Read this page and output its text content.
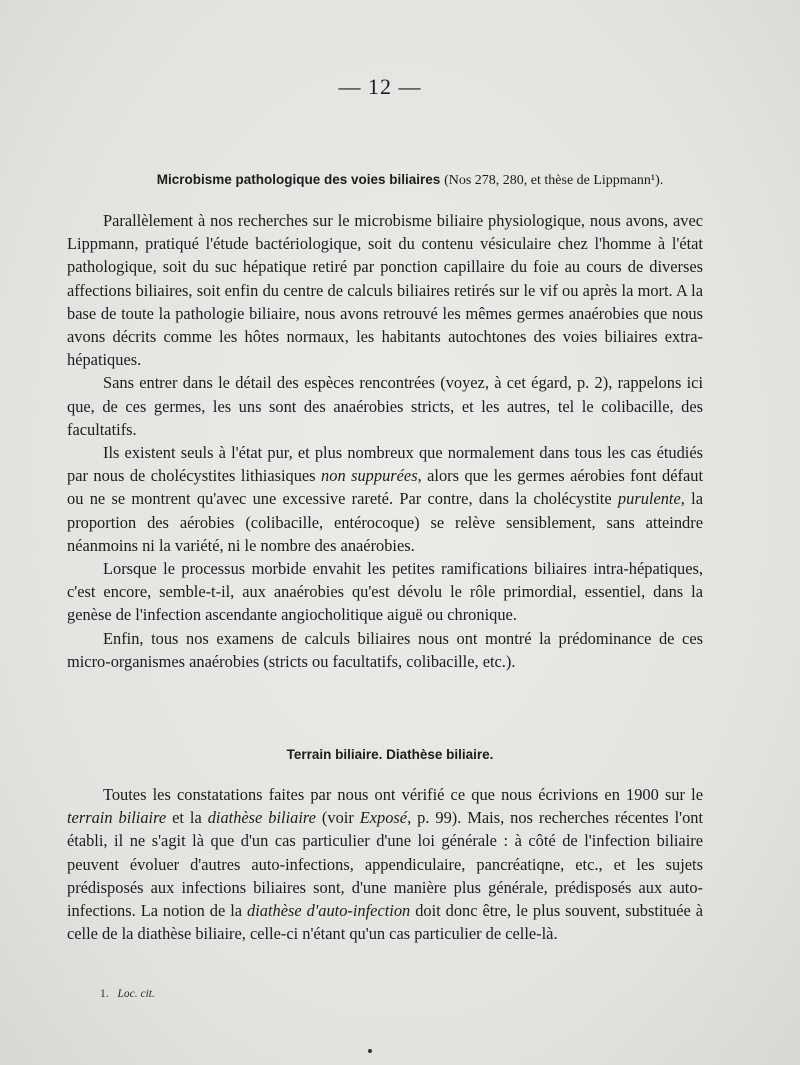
— 12 —
Microbisme pathologique des voies biliaires (Nos 278, 280, et thèse de Lippmann¹).

Parallèlement à nos recherches sur le microbisme biliaire physiologique, nous avons, avec Lippmann, pratiqué l'étude bactériologique, soit du contenu vésiculaire chez l'homme à l'état pathologique, soit du suc hépatique retiré par ponction capillaire du foie au cours de diverses affections biliaires, soit enfin du centre de calculs biliaires retirés sur le vif ou après la mort. A la base de toute la pathologie biliaire, nous avons retrouvé les mêmes germes anaérobies que nous avons décrits comme les hôtes normaux, les habitants autochtones des voies biliaires extra-hépatiques.

Sans entrer dans le détail des espèces rencontrées (voyez, à cet égard, p. 2), rappelons ici que, de ces germes, les uns sont des anaérobies stricts, et les autres, tel le colibacille, des facultatifs.

Ils existent seuls à l'état pur, et plus nombreux que normalement dans tous les cas étudiés par nous de cholécystites lithiasiques non suppurées, alors que les germes aérobies font défaut ou ne se montrent qu'avec une excessive rareté. Par contre, dans la cholécystite purulente, la proportion des aérobies (colibacille, entérocoque) se relève sensiblement, sans atteindre néanmoins ni la variété, ni le nombre des anaérobies.

Lorsque le processus morbide envahit les petites ramifications biliaires intra-hépatiques, c'est encore, semble-t-il, aux anaérobies qu'est dévolu le rôle primordial, essentiel, dans la genèse de l'infection ascendante angiocholitique aiguë ou chronique.

Enfin, tous nos examens de calculs biliaires nous ont montré la prédominance de ces micro-organismes anaérobies (stricts ou facultatifs, colibacille, etc.).

Terrain biliaire. Diathèse biliaire.

Toutes les constatations faites par nous ont vérifié ce que nous écrivions en 1900 sur le terrain biliaire et la diathèse biliaire (voir Exposé, p. 99). Mais, nos recherches récentes l'ont établi, il ne s'agit là que d'un cas particulier d'une loi générale : à côté de l'infection biliaire peuvent évoluer d'autres auto-infections, appendiculaire, pancréatiqne, etc., et les sujets prédisposés aux infections biliaires sont, d'une manière plus générale, prédisposés aux auto-infections. La notion de la diathèse d'auto-infection doit donc être, le plus souvent, substituée à celle de la diathèse biliaire, celle-ci n'étant qu'un cas particulier de celle-là.

1. Loc. cit.
